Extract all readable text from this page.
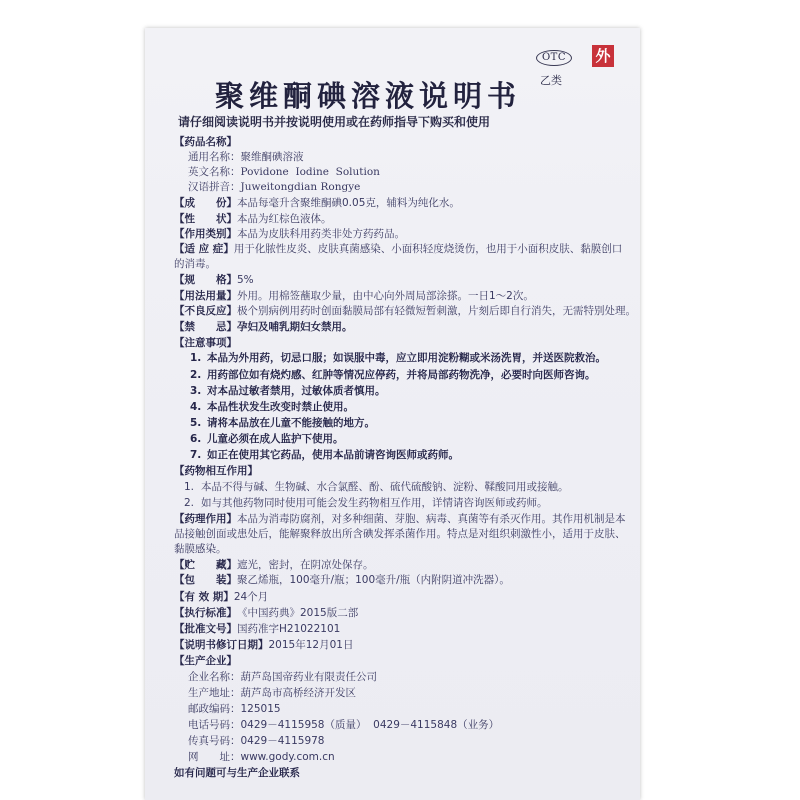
OTC
乙类
外
聚维酮碘溶液说明书
请仔细阅读说明书并按说明使用或在药师指导下购买和使用
【 药品名称 】
通用名称：聚维酮碘溶液
英文名称：Povidone  Iodine  Solution
汉语拼音：Juweitongdian Rongye
【 成　　份 】 本品每毫升含聚维酮碘0.05克，辅料为纯化水。
【 性　　状 】 本品为红棕色液体。
【 作用类别 】 本品为皮肤科用药类非处方药药品。
【 适 应 症 】 用于化脓性皮炎、皮肤真菌感染、小面积轻度烧烫伤，也用于小面积皮肤、黏膜创口
的消毒。
【 规　　格 】 5%
【 用法用量 】 外用。用棉签蘸取少量，由中心向外周局部涂搽。一日1～2次。
【 不良反应 】 极个别病例用药时创面黏膜局部有轻微短暂刺激，片刻后即自行消失，无需特别处理。
【 禁　　忌 】 孕妇及哺乳期妇女禁用。
【 注意事项 】
1. 本品为外用药，切忌口服；如误服中毒，应立即用淀粉糊或米汤洗胃，并送医院救治。
2. 用药部位如有烧灼感、红肿等情况应停药，并将局部药物洗净，必要时向医师咨询。
3. 对本品过敏者禁用，过敏体质者慎用。
4. 本品性状发生改变时禁止使用。
5. 请将本品放在儿童不能接触的地方。
6. 儿童必须在成人监护下使用。
7. 如正在使用其它药品，使用本品前请咨询医师或药师。
【 药物相互作用 】
1. 本品不得与碱、生物碱、水合氯醛、酚、硫代硫酸钠、淀粉、鞣酸同用或接触。
2. 如与其他药物同时使用可能会发生药物相互作用，详情请咨询医师或药师。
【 药理作用 】 本品为消毒防腐剂，对多种细菌、芽胞、病毒、真菌等有杀灭作用。其作用机制是本
品接触创面或患处后，能解聚释放出所含碘发挥杀菌作用。特点是对组织刺激性小，适用于皮肤、
黏膜感染。
【 贮　　藏 】 遮光，密封，在阴凉处保存。
【 包　　装 】 聚乙烯瓶，100毫升/瓶；100毫升/瓶（内附阴道冲洗器）。
【 有 效 期 】 24个月
【 执行标准 】 《中国药典》2015版二部
【 批准文号 】 国药准字H21022101
【 说明书修订日期 】 2015年12月01日
【 生产企业 】
企业名称：葫芦岛国帝药业有限责任公司
生产地址：葫芦岛市高桥经济开发区
邮政编码：125015
电话号码：0429－4115958（质量）  0429－4115848（业务）
传真号码：0429－4115978
网　　址：www.gody.com.cn
如有问题可与生产企业联系
